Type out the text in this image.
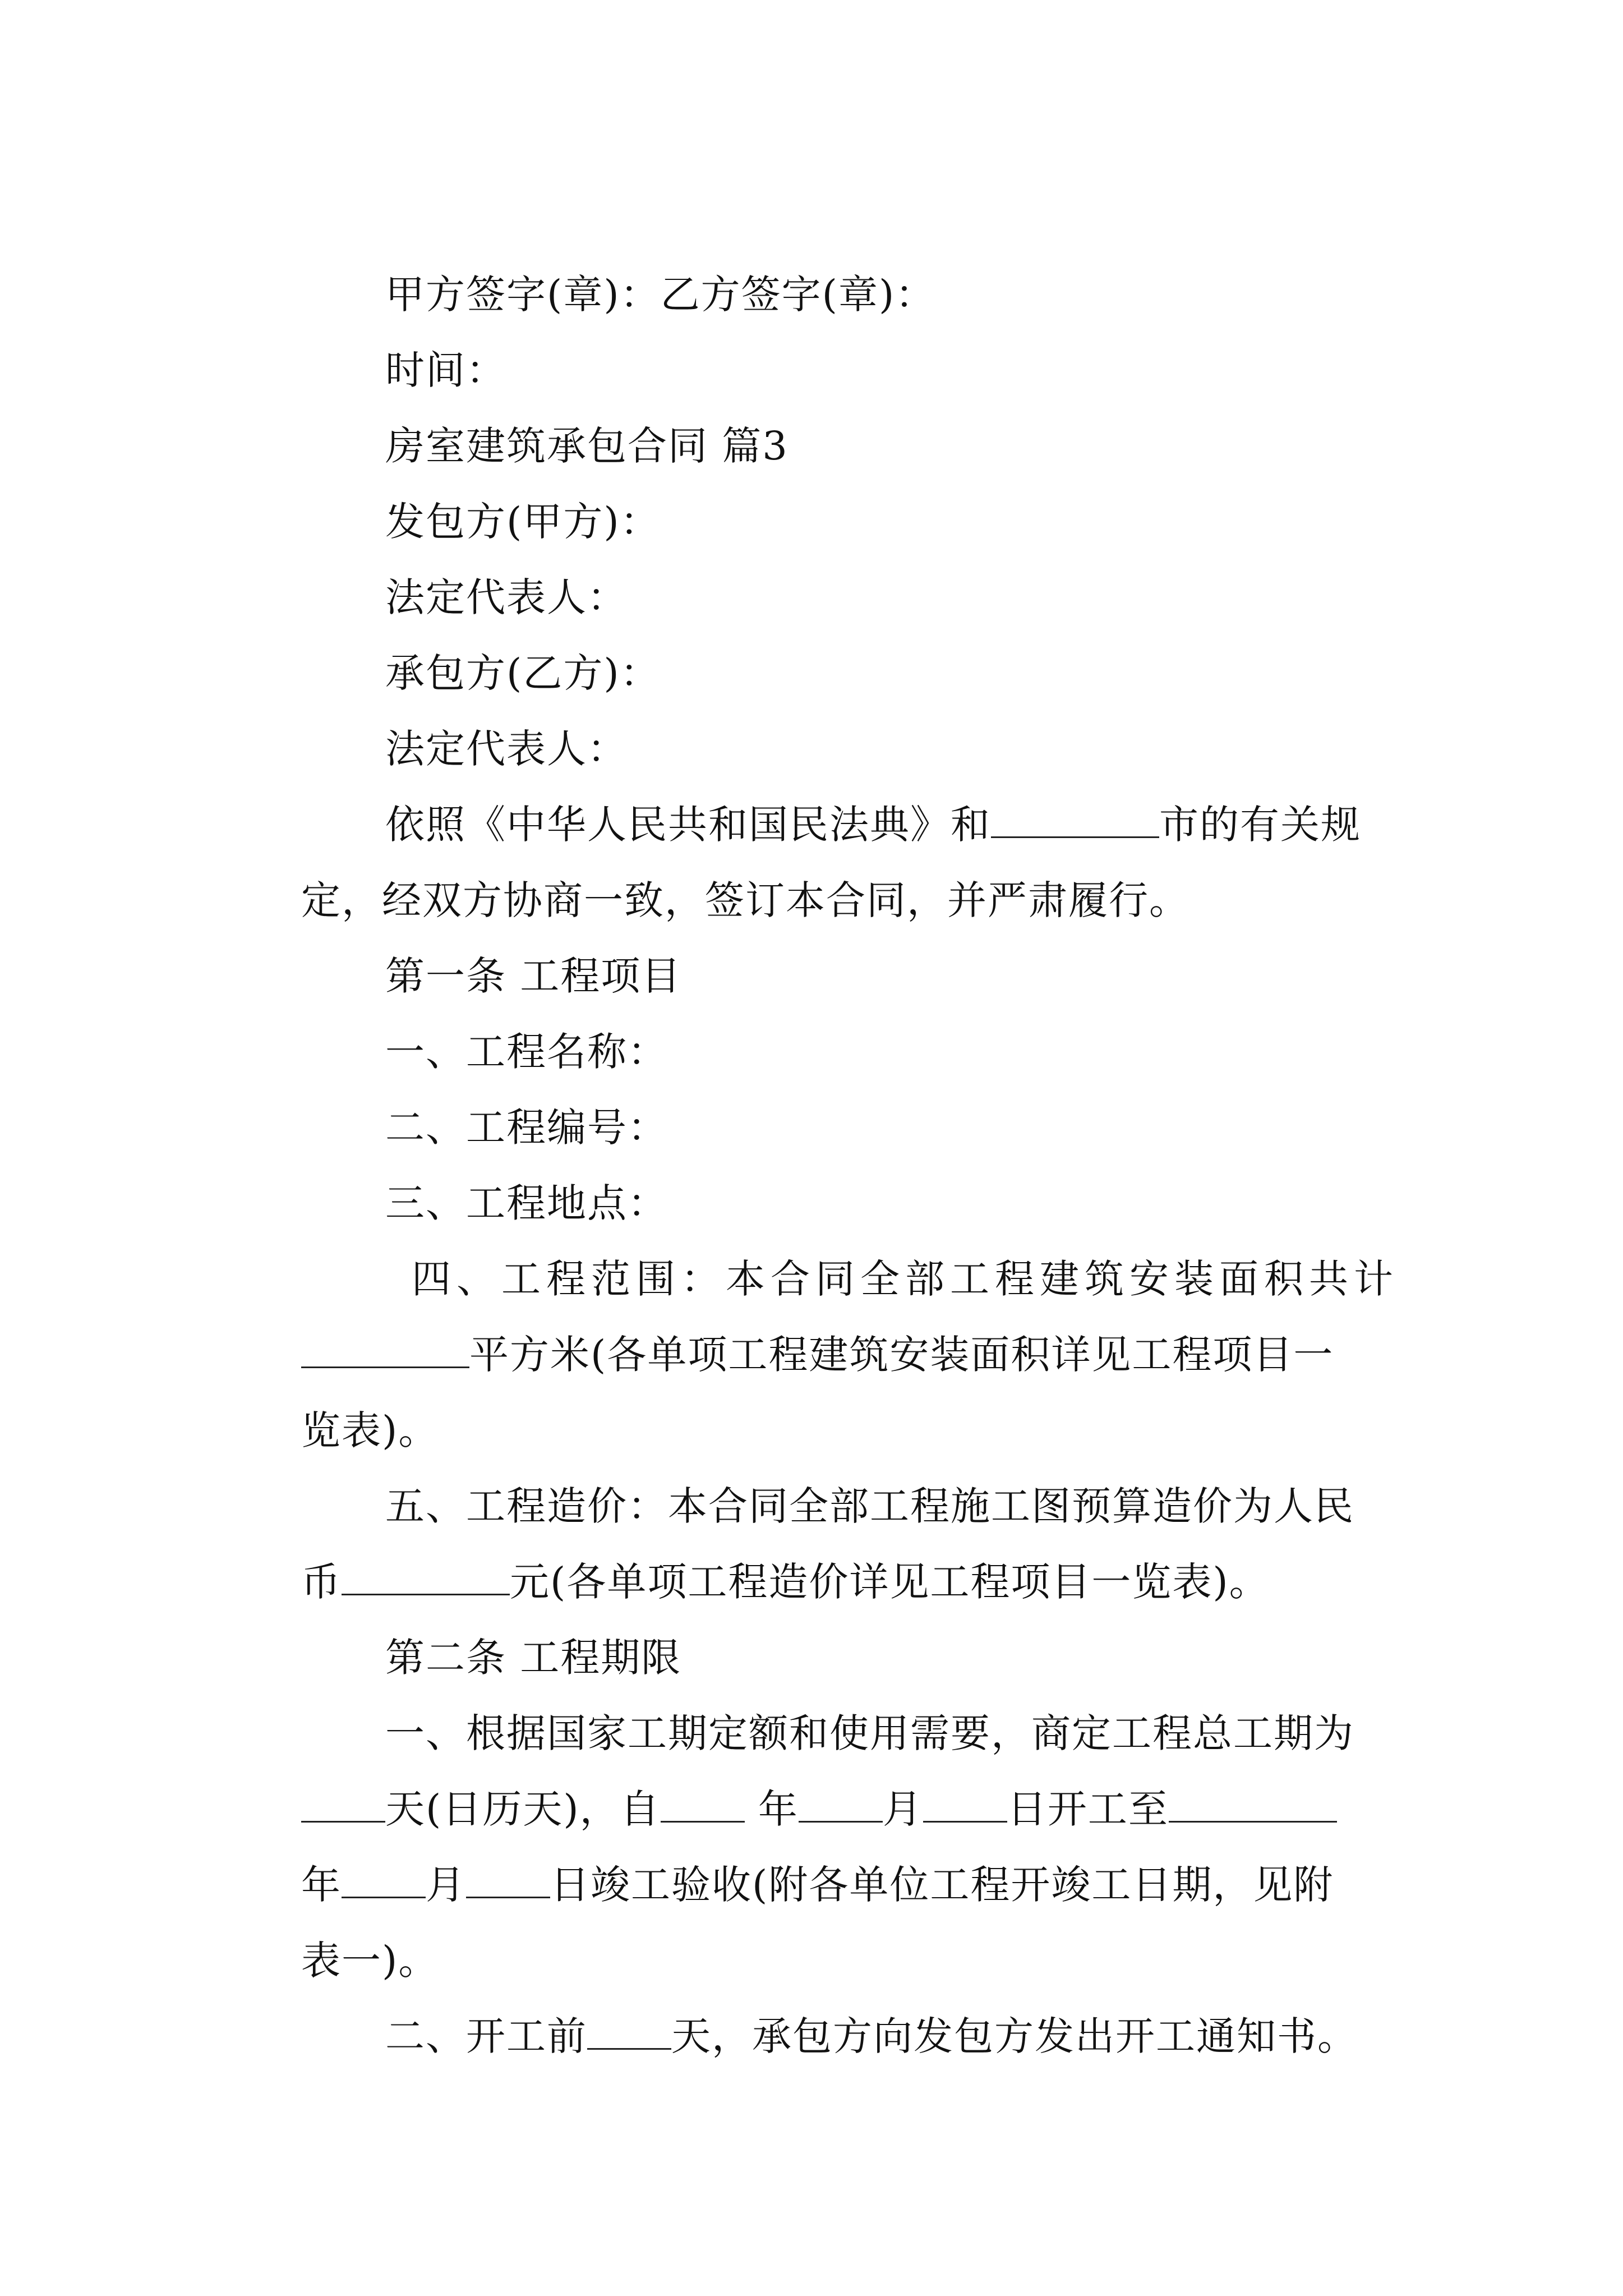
甲方签字(章)：乙方签字(章)：

时间：

房室建筑承包合同 篇3

发包方(甲方)：

法定代表人：

承包方(乙方)：

法定代表人：

依照《中华人民共和国民法典》和	市的有关规

定，经双方协商一致，签订本合同，并严肃履行。

第一条 工程项目

一、工程名称：

二、工程编号：

三、工程地点：

四、工程范围：本合同全部工程建筑安装面积共计

平方米(各单项工程建筑安装面积详见工程项目一

览表)。

五、工程造价：本合同全部工程施工图预算造价为人民

币	元(各单项工程造价详见工程项目一览表)。

第二条 工程期限

一、根据国家工期定额和使用需要，商定工程总工期为

天(日历天)，自 年 月 日开工至

年 月 日竣工验收(附各单位工程开竣工日期，见附

表一)。

二、开工前 天，承包方向发包方发出开工通知书。
